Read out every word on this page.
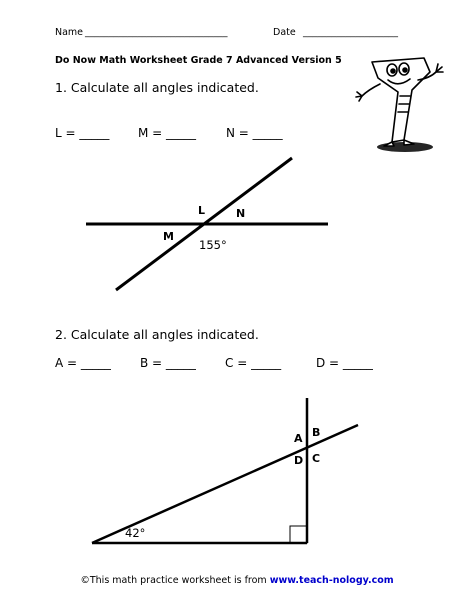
Name ______________________________	Date ____________________
Do Now Math Worksheet Grade 7 Advanced Version 5
1. Calculate all angles indicated.
L = _____ M = _____ N = _____
L	N
M
155°
2. Calculate all angles indicated.
A = _____ B = _____ C = _____	D = _____
A B
D C
42°
©This math practice worksheet is from www.teach-nology.com
